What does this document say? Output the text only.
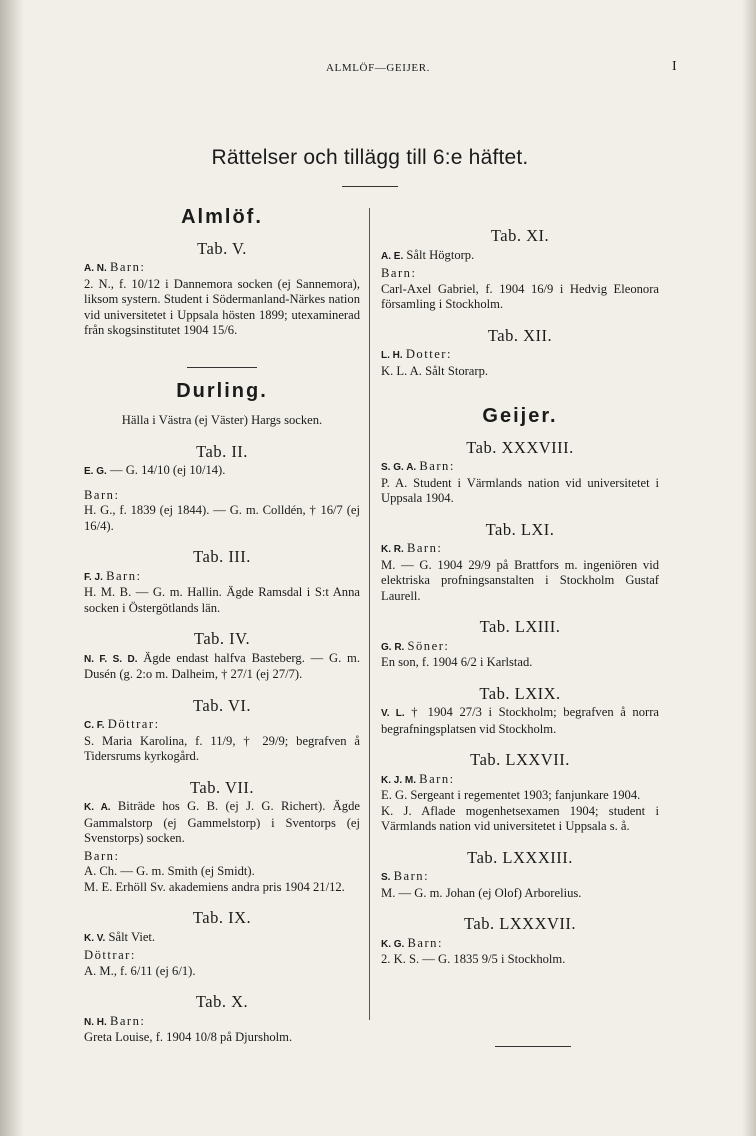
ALMLÖF—GEIJER.	I
Rättelser och tillägg till 6:e häftet.
Almlöf.
Tab. V.

A. N. Barn:

2. N., f. 10/12 i Dannemora socken (ej Sannemora), liksom systern. Student i Södermanland-Närkes nation vid universitetet i Uppsala hösten 1899; utexaminerad från skogsinstitutet 1904 15/6.

Durling.

Hälla i Västra (ej Väster) Hargs socken.

Tab. II.

E. G. — G. 14/10 (ej 10/14).

Barn:

H. G., f. 1839 (ej 1844). — G. m. Colldén, † 16/7 (ej 16/4).

Tab. III.

F. J. Barn:

H. M. B. — G. m. Hallin. Ägde Ramsdal i S:t Anna socken i Östergötlands län.

Tab. IV.

N. F. S. D. Ägde endast halfva Basteberg. — G. m. Dusén (g. 2:o m. Dalheim, † 27/1 (ej 27/7).

Tab. VI.

C. F. Döttrar:

S. Maria Karolina, f. 11/9, † 29/9; begrafven å Tidersrums kyrkogård.

Tab. VII.

K. A. Biträde hos G. B. (ej J. G. Richert). Ägde Gammalstorp (ej Gammelstorp) i Sventorps (ej Svenstorps) socken.

Barn:

A. Ch. — G. m. Smith (ej Smidt).

M. E. Erhöll Sv. akademiens andra pris 1904 21/12.

Tab. IX.

K. V. Sålt Viet.

Döttrar:

A. M., f. 6/11 (ej 6/1).

Tab. X.

N. H. Barn:

Greta Louise, f. 1904 10/8 på Djursholm.

Tab. XI.

A. E. Sålt Högtorp.

Barn:

Carl-Axel Gabriel, f. 1904 16/9 i Hedvig Eleonora församling i Stockholm.

Tab. XII.

L. H. Dotter:

K. L. A. Sålt Storarp.

Geijer.
Tab. XXXVIII.

S. G. A. Barn:

P. A. Student i Värmlands nation vid universitetet i Uppsala 1904.

Tab. LXI.

K. R. Barn:

M. — G. 1904 29/9 på Brattfors m. ingeniören vid elektriska profningsanstalten i Stockholm Gustaf Laurell.

Tab. LXIII.

G. R. Söner:

En son, f. 1904 6/2 i Karlstad.

Tab. LXIX.

V. L. † 1904 27/3 i Stockholm; begrafven å norra begrafningsplatsen vid Stockholm.

Tab. LXXVII.

K. J. M. Barn:

E. G. Sergeant i regementet 1903; fanjunkare 1904.

K. J. Aflade mogenhetsexamen 1904; student i Värmlands nation vid universitetet i Uppsala s. å.

Tab. LXXXIII.

S. Barn:

M. — G. m. Johan (ej Olof) Arborelius.

Tab. LXXXVII.

K. G. Barn:

2. K. S. — G. 1835 9/5 i Stockholm.
